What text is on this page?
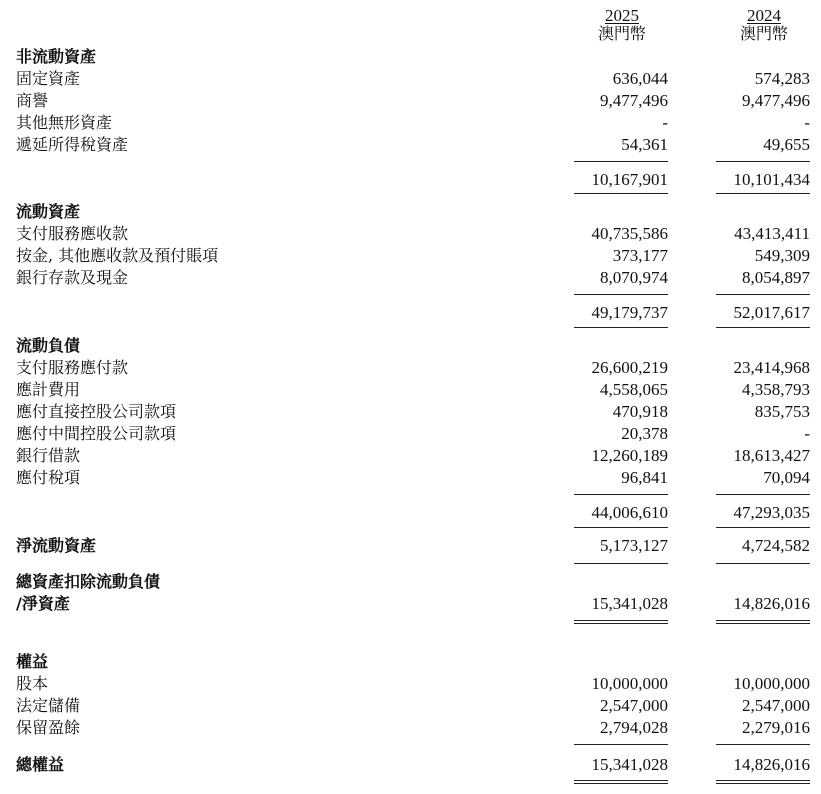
2025	2024
澳門幣	澳門幣
非流動資產
固定資產	636,044	574,283
商譽	9,477,496	9,477,496
其他無形資產	-	-
遞延所得稅資產	54,361	49,655
10,167,901	10,101,434
流動資產
支付服務應收款	40,735,586	43,413,411
按金, 其他應收款及預付賬項	373,177	549,309
銀行存款及現金	8,070,974	8,054,897
49,179,737	52,017,617
流動負債
支付服務應付款	26,600,219	23,414,968
應計費用	4,558,065	4,358,793
應付直接控股公司款項	470,918	835,753
應付中間控股公司款項	20,378	-
銀行借款	12,260,189	18,613,427
應付稅項	96,841	70,094
44,006,610	47,293,035
淨流動資產	5,173,127	4,724,582
總資產扣除流動負債
/淨資產	15,341,028	14,826,016
權益
股本	10,000,000	10,000,000
法定儲備	2,547,000	2,547,000
保留盈餘	2,794,028	2,279,016
總權益	15,341,028	14,826,016
